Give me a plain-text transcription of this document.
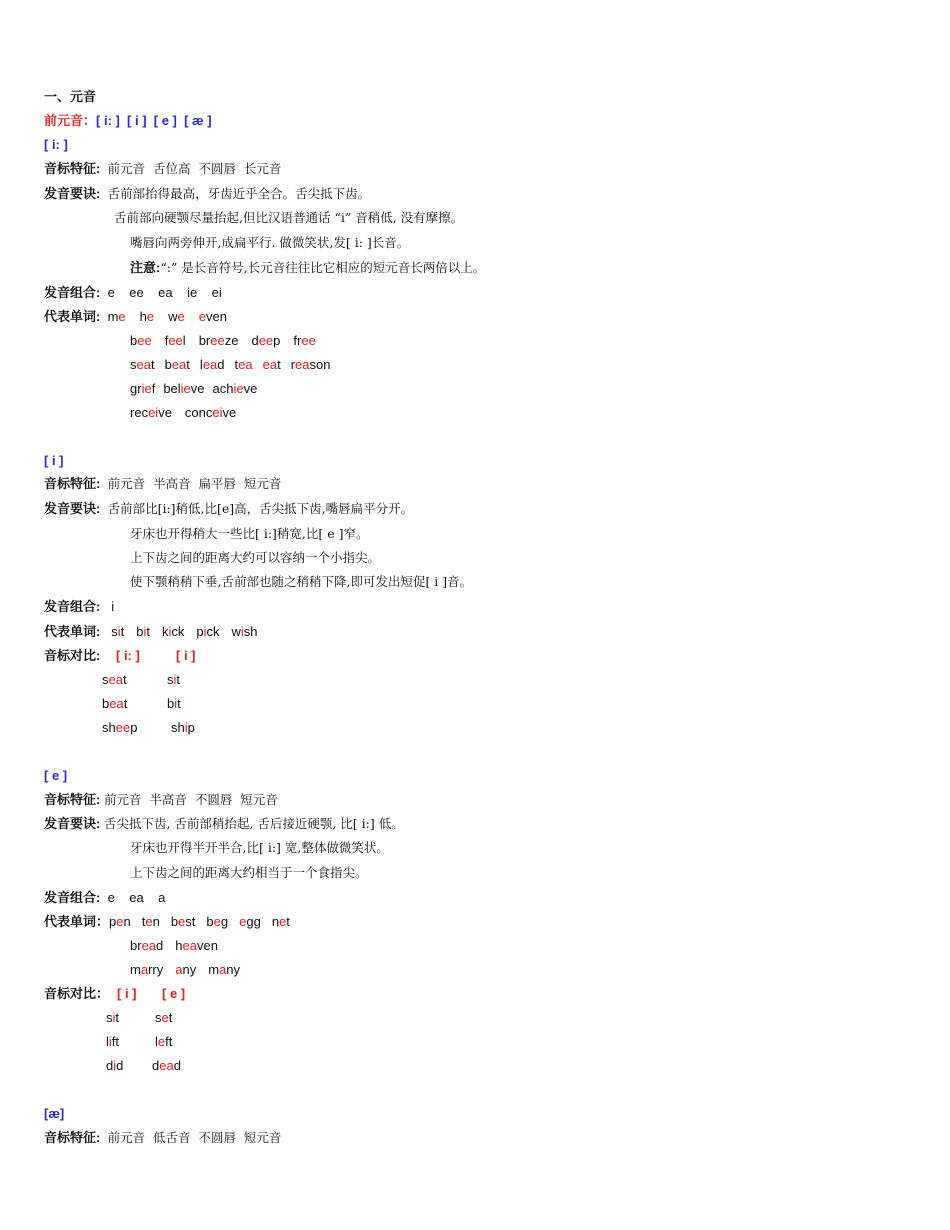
一、元音
前元音：[ i: ]  [ i ]  [ e ]  [ æ ]
[ i: ]
音标特征: 前元音  舌位高  不圆唇  长元音
发音要诀: 舌前部抬得最高，牙齿近乎全合。舌尖抵下齿。
舌前部向硬颚尽量抬起,但比汉语普通话 “i” 音稍低, 没有摩擦。
嘴唇向两旁伸开,成扁平行. 做微笑状,发[ i: ]长音。
注意:“:” 是长音符号,长元音往往比它相应的短元音长两倍以上。
发音组合: e    ee    ea    ie    ei
代表单词: me he we even
bee feel breeze deep free
seat beat lead tea eat reason
grief believe achieve
receive conceive
[ i ]
音标特征: 前元音  半高音  扁平唇  短元音
发音要诀: 舌前部比[i:]稍低,比[e]高，舌尖抵下齿,嘴唇扁平分开。
牙床也开得稍大一些比[ i:]稍宽,比[ e ]窄。
上下齿之间的距离大约可以容纳一个小指尖。
使下颚稍稍下垂,舌前部也随之稍稍下降,即可发出短促[ i ]音。
发音组合: i
代表单词: sit bit kick pick wish
音标对比: [ i: ]	[ i ]
seat	sit
beat	bit
sheep	ship
[ e ]
音标特征: 前元音  半高音  不圆唇  短元音
发音要诀: 舌尖抵下齿, 舌前部稍抬起, 舌后接近硬颚, 比[ i:] 低。
牙床也开得半开半合,比[ i:] 宽,整体做微笑状。
上下齿之间的距离大约相当于一个食指尖。
发音组合: e    ea    a
代表单词：pen ten best beg egg net
bread heaven
marry any many
音标对比： [ i ] [ e ]
sit	set
lift	left
did dead
[æ]
音标特征: 前元音  低舌音  不圆唇  短元音
